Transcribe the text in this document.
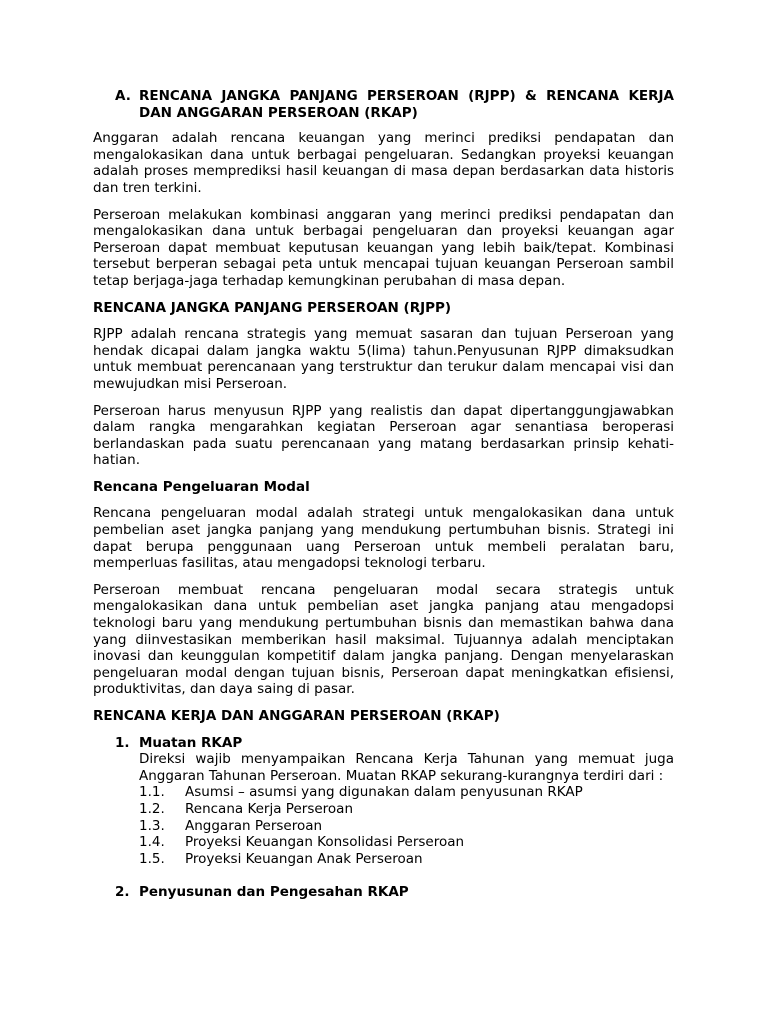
A. RENCANA JANGKA PANJANG PERSEROAN (RJPP) & RENCANA KERJA DAN ANGGARAN PERSEROAN (RKAP)

Anggaran adalah rencana keuangan yang merinci prediksi pendapatan dan mengalokasikan dana untuk berbagai pengeluaran. Sedangkan proyeksi keuangan adalah proses memprediksi hasil keuangan di masa depan berdasarkan data historis dan tren terkini.

Perseroan melakukan kombinasi anggaran yang merinci prediksi pendapatan dan mengalokasikan dana untuk berbagai pengeluaran dan proyeksi keuangan agar Perseroan dapat membuat keputusan keuangan yang lebih baik/tepat. Kombinasi tersebut berperan sebagai peta untuk mencapai tujuan keuangan Perseroan sambil tetap berjaga-jaga terhadap kemungkinan perubahan di masa depan.

RENCANA JANGKA PANJANG PERSEROAN (RJPP)

RJPP adalah rencana strategis yang memuat sasaran dan tujuan Perseroan yang hendak dicapai dalam jangka waktu 5(lima) tahun.Penyusunan RJPP dimaksudkan untuk membuat perencanaan yang terstruktur dan terukur dalam mencapai visi dan mewujudkan misi Perseroan.

Perseroan harus menyusun RJPP yang realistis dan dapat dipertanggungjawabkan dalam rangka mengarahkan kegiatan Perseroan agar senantiasa beroperasi berlandaskan pada suatu perencanaan yang matang berdasarkan prinsip kehati-hatian.

Rencana Pengeluaran Modal

Rencana pengeluaran modal adalah strategi untuk mengalokasikan dana untuk pembelian aset jangka panjang yang mendukung pertumbuhan bisnis. Strategi ini dapat berupa penggunaan uang Perseroan untuk membeli peralatan baru, memperluas fasilitas, atau mengadopsi teknologi terbaru.

Perseroan membuat rencana pengeluaran modal secara strategis untuk mengalokasikan dana untuk pembelian aset jangka panjang atau mengadopsi teknologi baru yang mendukung pertumbuhan bisnis dan memastikan bahwa dana yang diinvestasikan memberikan hasil maksimal. Tujuannya adalah menciptakan inovasi dan keunggulan kompetitif dalam jangka panjang. Dengan menyelaraskan pengeluaran modal dengan tujuan bisnis, Perseroan dapat meningkatkan efisiensi, produktivitas, dan daya saing di pasar.

RENCANA KERJA DAN ANGGARAN PERSEROAN (RKAP)

1. Muatan RKAP

Direksi wajib menyampaikan Rencana Kerja Tahunan yang memuat juga Anggaran Tahunan Perseroan. Muatan RKAP sekurang-kurangnya terdiri dari :

1.1.	Asumsi – asumsi yang digunakan dalam penyusunan RKAP
1.2.	Rencana Kerja Perseroan
1.3.	Anggaran Perseroan
1.4.	Proyeksi Keuangan Konsolidasi Perseroan
1.5.	Proyeksi Keuangan Anak Perseroan
2. Penyusunan dan Pengesahan RKAP
